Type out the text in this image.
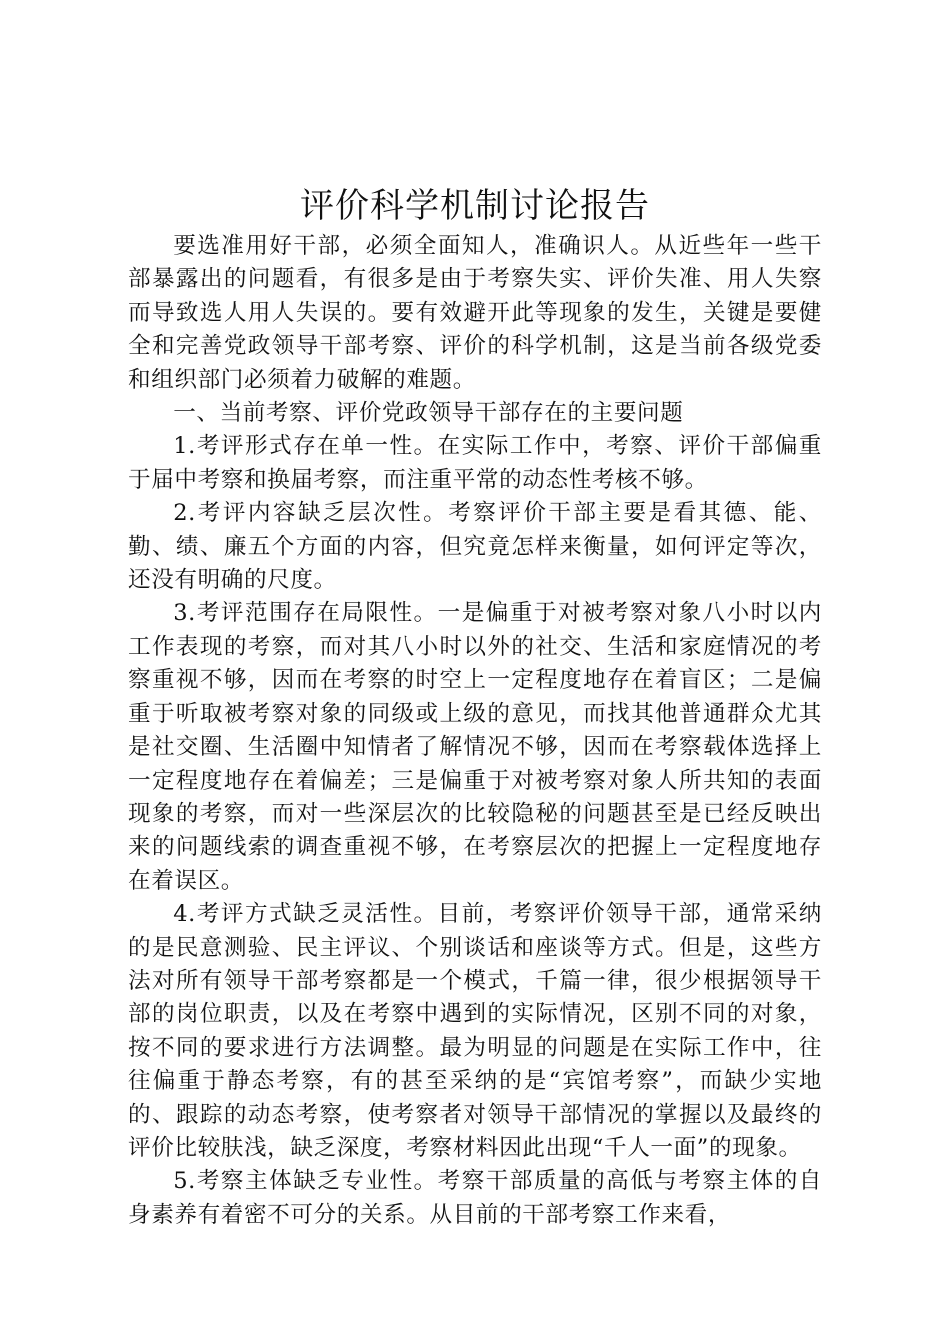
评价科学机制讨论报告

要选准用好干部，必须全面知人，准确识人。从近些年一些干部暴露出的问题看，有很多是由于考察失实、评价失准、用人失察而导致选人用人失误的。要有效避开此等现象的发生，关键是要健全和完善党政领导干部考察、评价的科学机制，这是当前各级党委和组织部门必须着力破解的难题。

一、当前考察、评价党政领导干部存在的主要问题

1.考评形式存在单一性。在实际工作中，考察、评价干部偏重于届中考察和换届考察，而注重平常的动态性考核不够。

2.考评内容缺乏层次性。考察评价干部主要是看其德、能、勤、绩、廉五个方面的内容，但究竟怎样来衡量，如何评定等次，还没有明确的尺度。

3.考评范围存在局限性。一是偏重于对被考察对象八小时以内工作表现的考察，而对其八小时以外的社交、生活和家庭情况的考察重视不够，因而在考察的时空上一定程度地存在着盲区；二是偏重于听取被考察对象的同级或上级的意见，而找其他普通群众尤其是社交圈、生活圈中知情者了解情况不够，因而在考察载体选择上一定程度地存在着偏差；三是偏重于对被考察对象人所共知的表面现象的考察，而对一些深层次的比较隐秘的问题甚至是已经反映出来的问题线索的调查重视不够，在考察层次的把握上一定程度地存在着误区。

4.考评方式缺乏灵活性。目前，考察评价领导干部，通常采纳的是民意测验、民主评议、个别谈话和座谈等方式。但是，这些方法对所有领导干部考察都是一个模式，千篇一律，很少根据领导干部的岗位职责，以及在考察中遇到的实际情况，区别不同的对象，按不同的要求进行方法调整。最为明显的问题是在实际工作中，往往偏重于静态考察，有的甚至采纳的是“宾馆考察”，而缺少实地的、跟踪的动态考察，使考察者对领导干部情况的掌握以及最终的评价比较肤浅，缺乏深度，考察材料因此出现“千人一面”的现象。

5.考察主体缺乏专业性。考察干部质量的高低与考察主体的自身素养有着密不可分的关系。从目前的干部考察工作来看，
